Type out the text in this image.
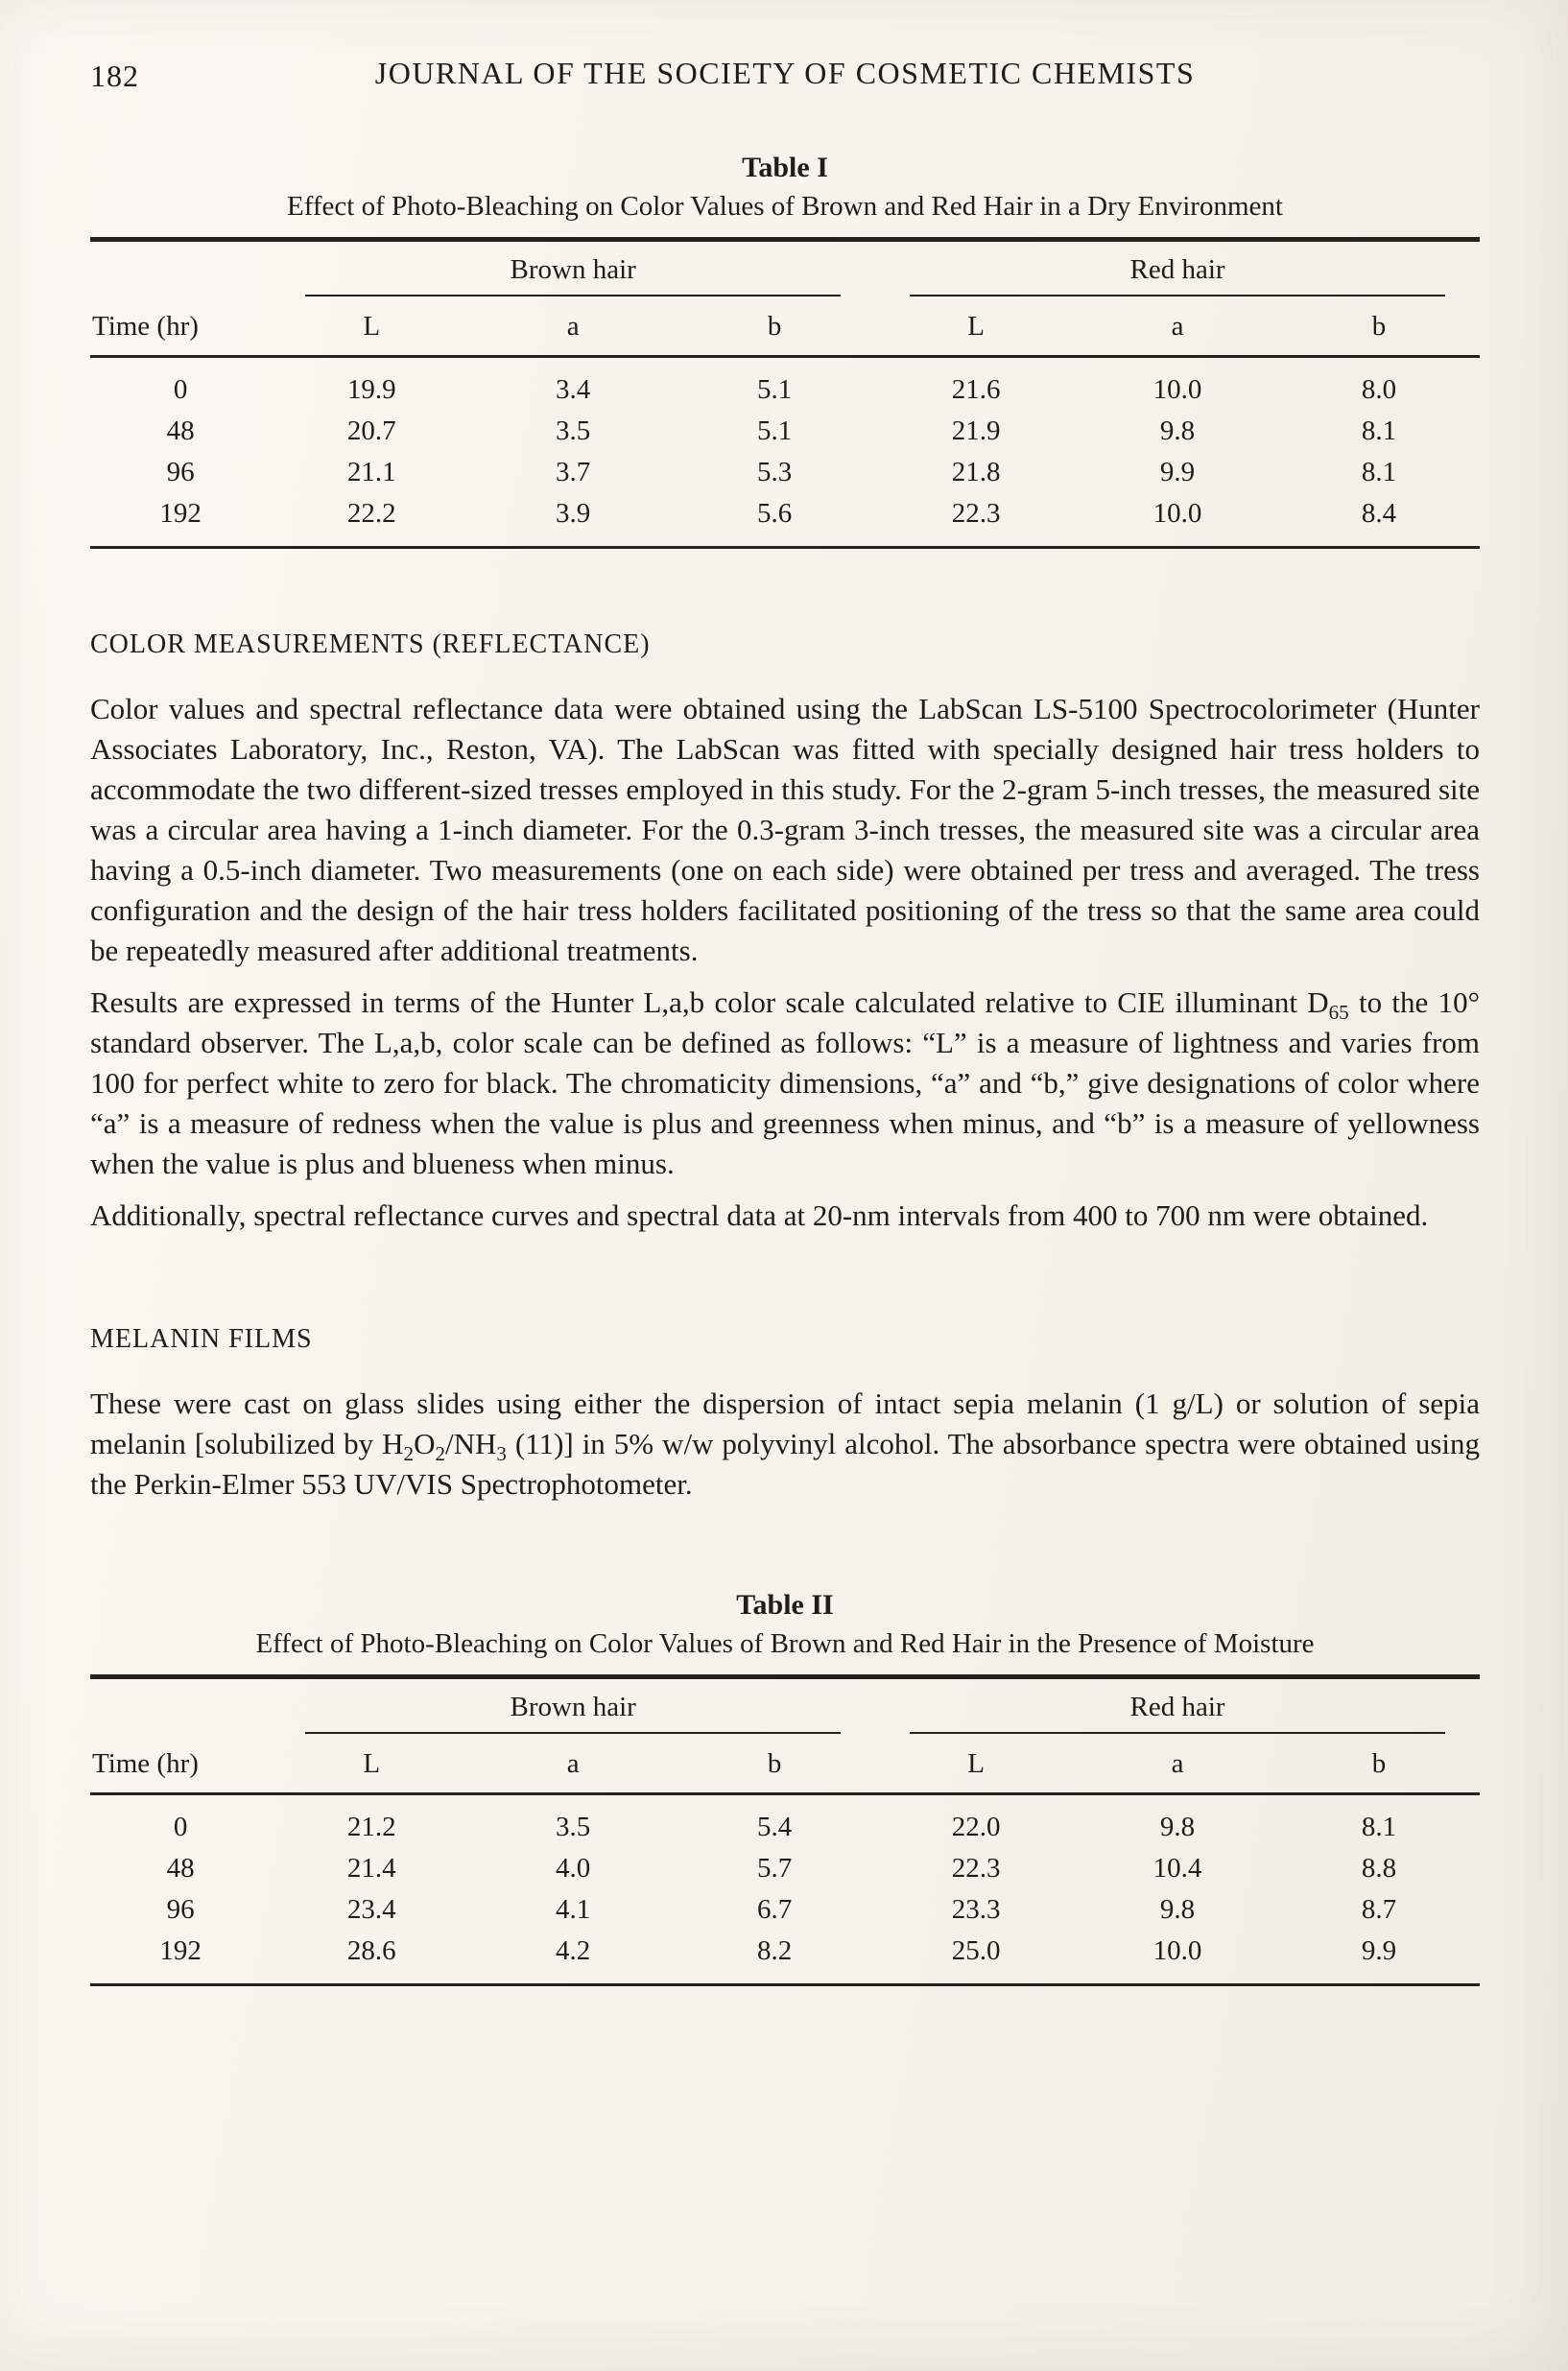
182	JOURNAL OF THE SOCIETY OF COSMETIC CHEMISTS
Table I
Effect of Photo-Bleaching on Color Values of Brown and Red Hair in a Dry Environment

	Brown hair			Red hair		

Time (hr)	L	a	b	L	a	b
0	19.9	3.4	5.1	21.6	10.0	8.0
48	20.7	3.5	5.1	21.9	9.8	8.1
96	21.1	3.7	5.3	21.8	9.9	8.1
192	22.2	3.9	5.6	22.3	10.0	8.4
COLOR MEASUREMENTS (REFLECTANCE)

Color values and spectral reflectance data were obtained using the LabScan LS-5100 Spectrocolorimeter (Hunter Associates Laboratory, Inc., Reston, VA). The LabScan was fitted with specially designed hair tress holders to accommodate the two different-sized tresses employed in this study. For the 2-gram 5-inch tresses, the measured site was a circular area having a 1-inch diameter. For the 0.3-gram 3-inch tresses, the measured site was a circular area having a 0.5-inch diameter. Two measurements (one on each side) were obtained per tress and averaged. The tress configuration and the design of the hair tress holders facilitated positioning of the tress so that the same area could be repeatedly measured after additional treatments.

Results are expressed in terms of the Hunter L,a,b color scale calculated relative to CIE illuminant $D_{65}$ to the 10° standard observer. The L,a,b, color scale can be defined as follows: “L” is a measure of lightness and varies from 100 for perfect white to zero for black. The chromaticity dimensions, “a” and “b,” give designations of color where “a” is a measure of redness when the value is plus and greenness when minus, and “b” is a measure of yellowness when the value is plus and blueness when minus.

Additionally, spectral reflectance curves and spectral data at 20-nm intervals from 400 to 700 nm were obtained.

MELANIN FILMS

These were cast on glass slides using either the dispersion of intact sepia melanin (1 g/L) or solution of sepia melanin [solubilized by $H_2O_2/NH_3$ (11)] in 5% w/w polyvinyl alcohol. The absorbance spectra were obtained using the Perkin-Elmer 553 UV/VIS Spectrophotometer.

Table II
Effect of Photo-Bleaching on Color Values of Brown and Red Hair in the Presence of Moisture

	Brown hair			Red hair		

Time (hr)	L	a	b	L	a	b
0	21.2	3.5	5.4	22.0	9.8	8.1
48	21.4	4.0	5.7	22.3	10.4	8.8
96	23.4	4.1	6.7	23.3	9.8	8.7
192	28.6	4.2	8.2	25.0	10.0	9.9
